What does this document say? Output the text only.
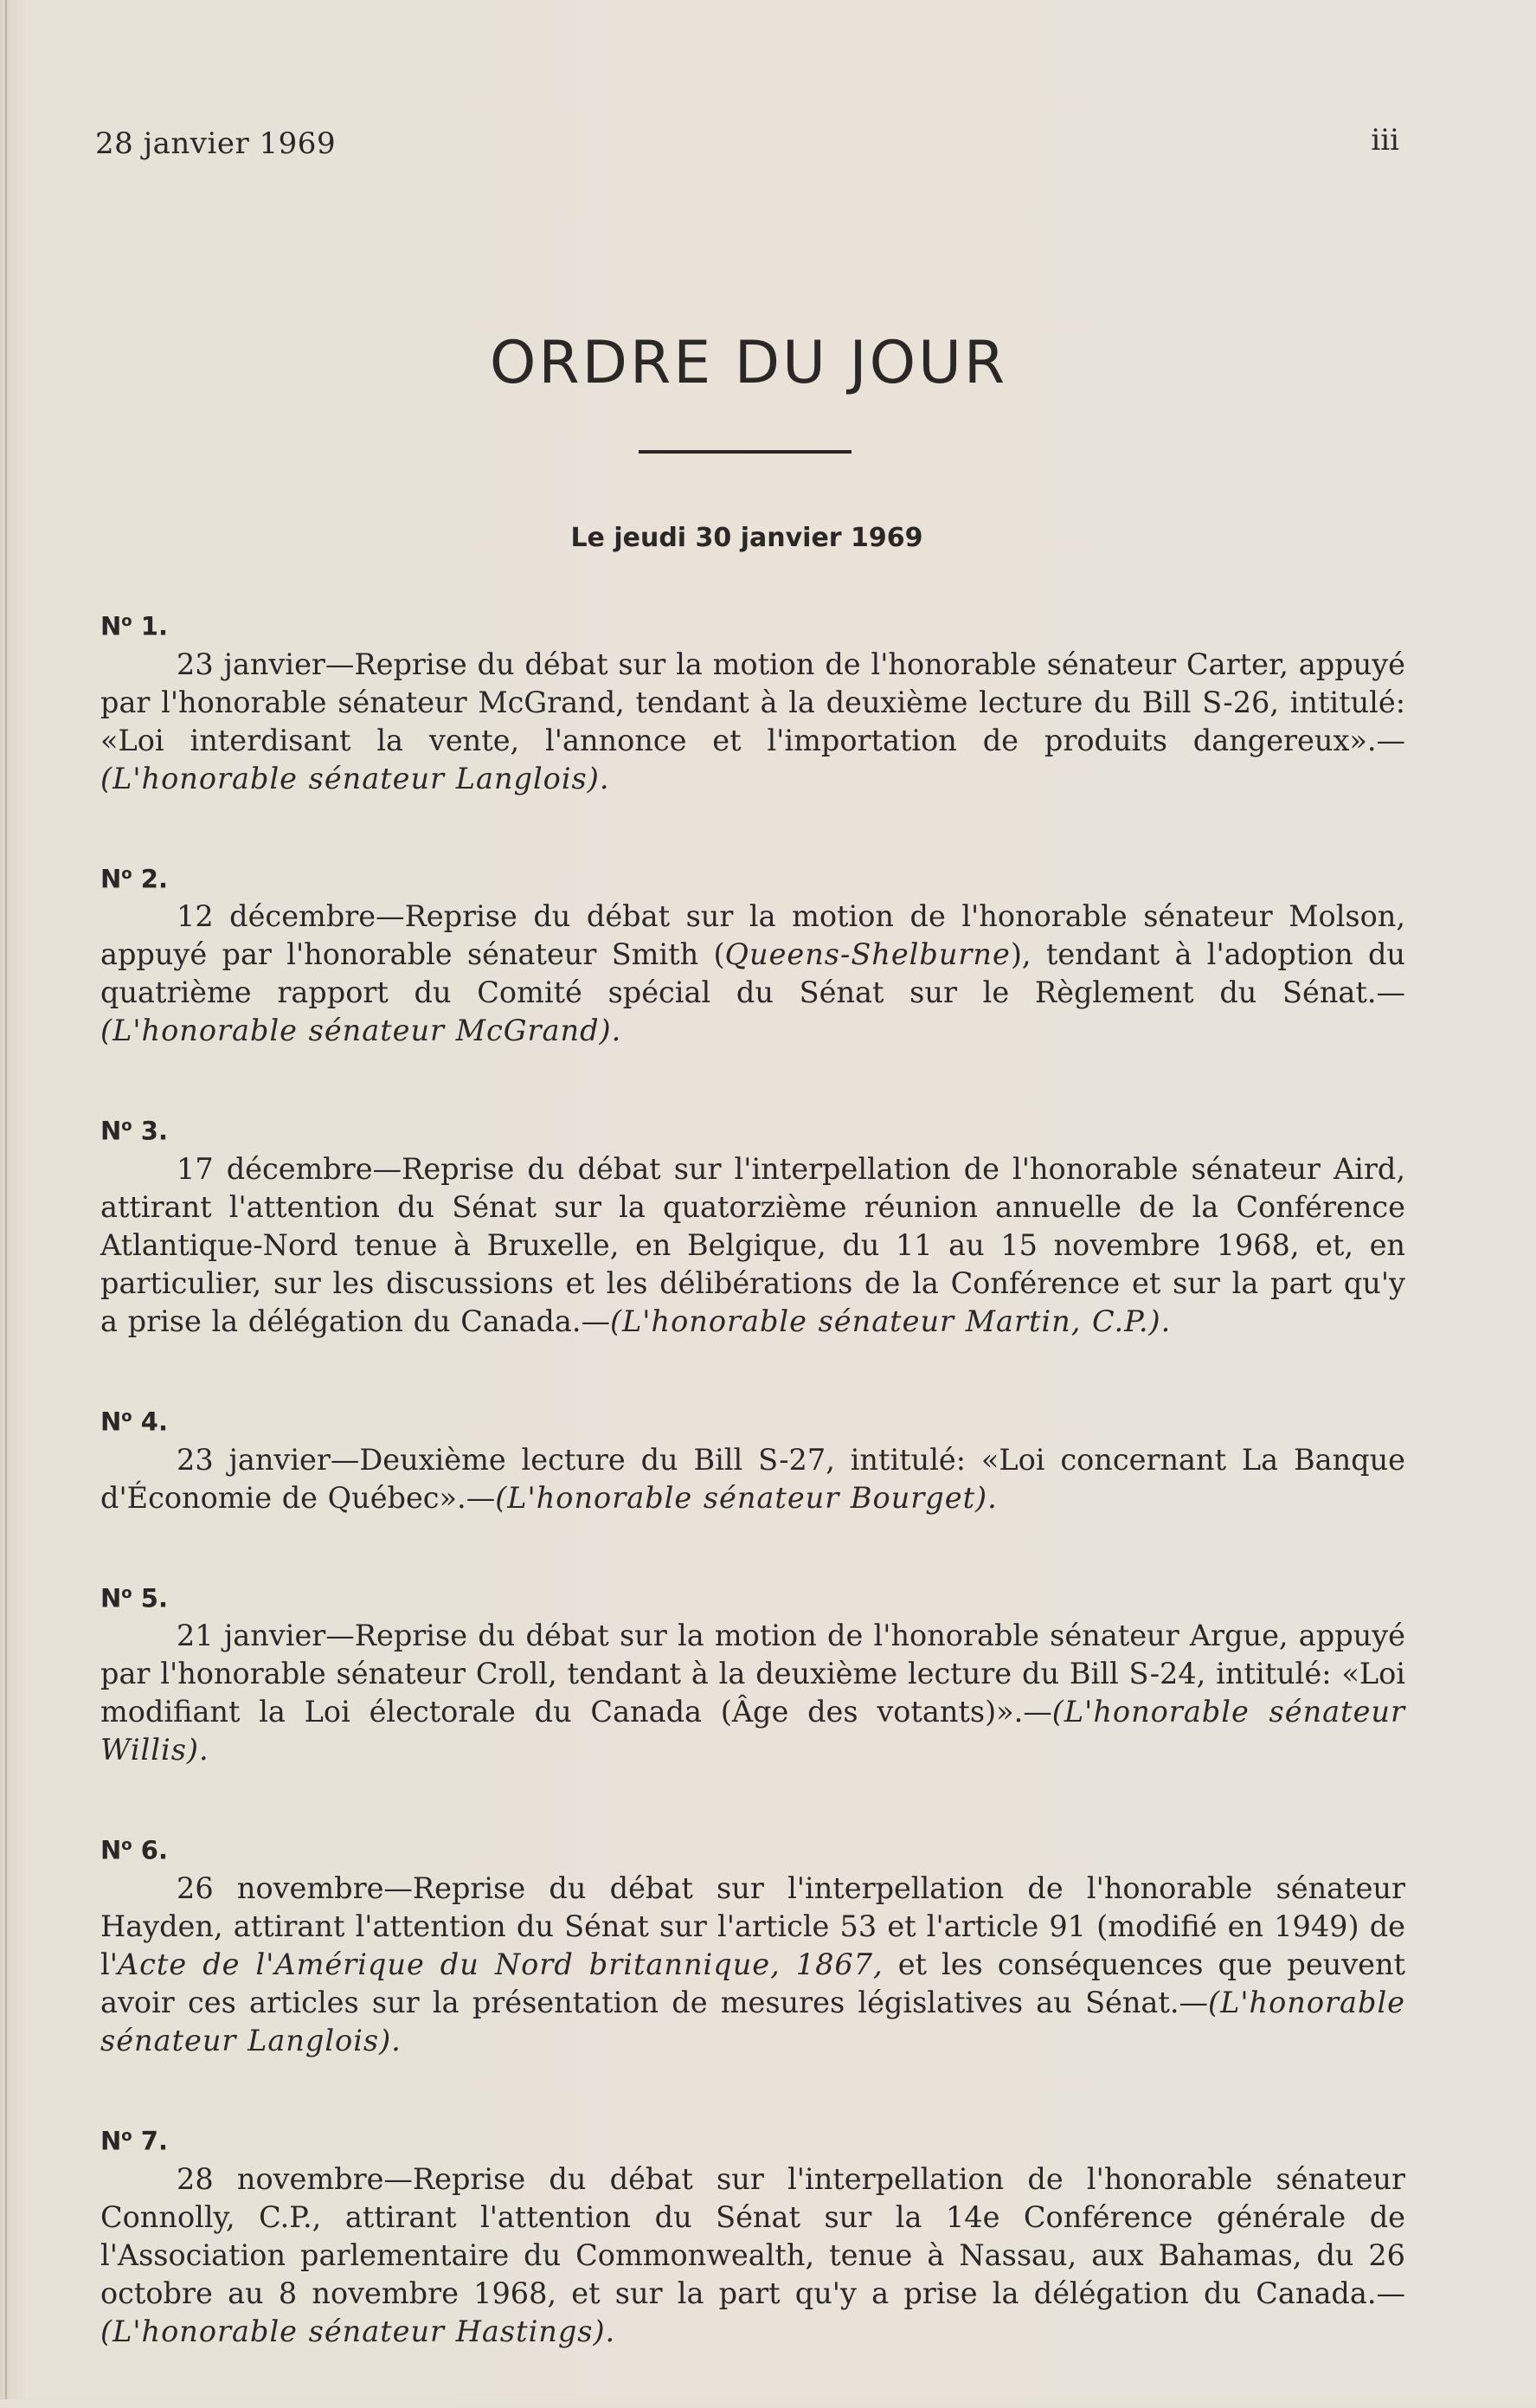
28 janvier 1969	iii
ORDRE DU JOUR
Le jeudi 30 janvier 1969
$N^o$ 1.
23 janvier—Reprise du débat sur la motion de l'honorable sénateur Carter, appuyé par l'honorable sénateur McGrand, tendant à la deuxième lecture du Bill S-26, intitulé: «Loi interdisant la vente, l'annonce et l'importation de produits dangereux».—(L'honorable sénateur Langlois).
$N^o$ 2.
12 décembre—Reprise du débat sur la motion de l'honorable sénateur Molson, appuyé par l'honorable sénateur Smith (Queens-Shelburne), tendant à l'adoption du quatrième rapport du Comité spécial du Sénat sur le Règlement du Sénat.—(L'honorable sénateur McGrand).
$N^o$ 3.
17 décembre—Reprise du débat sur l'interpellation de l'honorable sénateur Aird, attirant l'attention du Sénat sur la quatorzième réunion annuelle de la Conférence Atlantique-Nord tenue à Bruxelle, en Belgique, du 11 au 15 novembre 1968, et, en particulier, sur les discussions et les délibérations de la Conférence et sur la part qu'y a prise la délégation du Canada.—(L'honorable sénateur Martin, C.P.).
$N^o$ 4.
23 janvier—Deuxième lecture du Bill S-27, intitulé: «Loi concernant La Banque d'Économie de Québec».—(L'honorable sénateur Bourget).
$N^o$ 5.
21 janvier—Reprise du débat sur la motion de l'honorable sénateur Argue, appuyé par l'honorable sénateur Croll, tendant à la deuxième lecture du Bill S-24, intitulé: «Loi modifiant la Loi électorale du Canada (Âge des votants)».—(L'honorable sénateur Willis).
$N^o$ 6.
26 novembre—Reprise du débat sur l'interpellation de l'honorable sénateur Hayden, attirant l'attention du Sénat sur l'article 53 et l'article 91 (modifié en 1949) de l'Acte de l'Amérique du Nord britannique, 1867, et les conséquences que peuvent avoir ces articles sur la présentation de mesures législatives au Sénat.—(L'honorable sénateur Langlois).
$N^o$ 7.
28 novembre—Reprise du débat sur l'interpellation de l'honorable sénateur Connolly, C.P., attirant l'attention du Sénat sur la 14e Conférence générale de l'Association parlementaire du Commonwealth, tenue à Nassau, aux Bahamas, du 26 octobre au 8 novembre 1968, et sur la part qu'y a prise la délégation du Canada.—(L'honorable sénateur Hastings).
